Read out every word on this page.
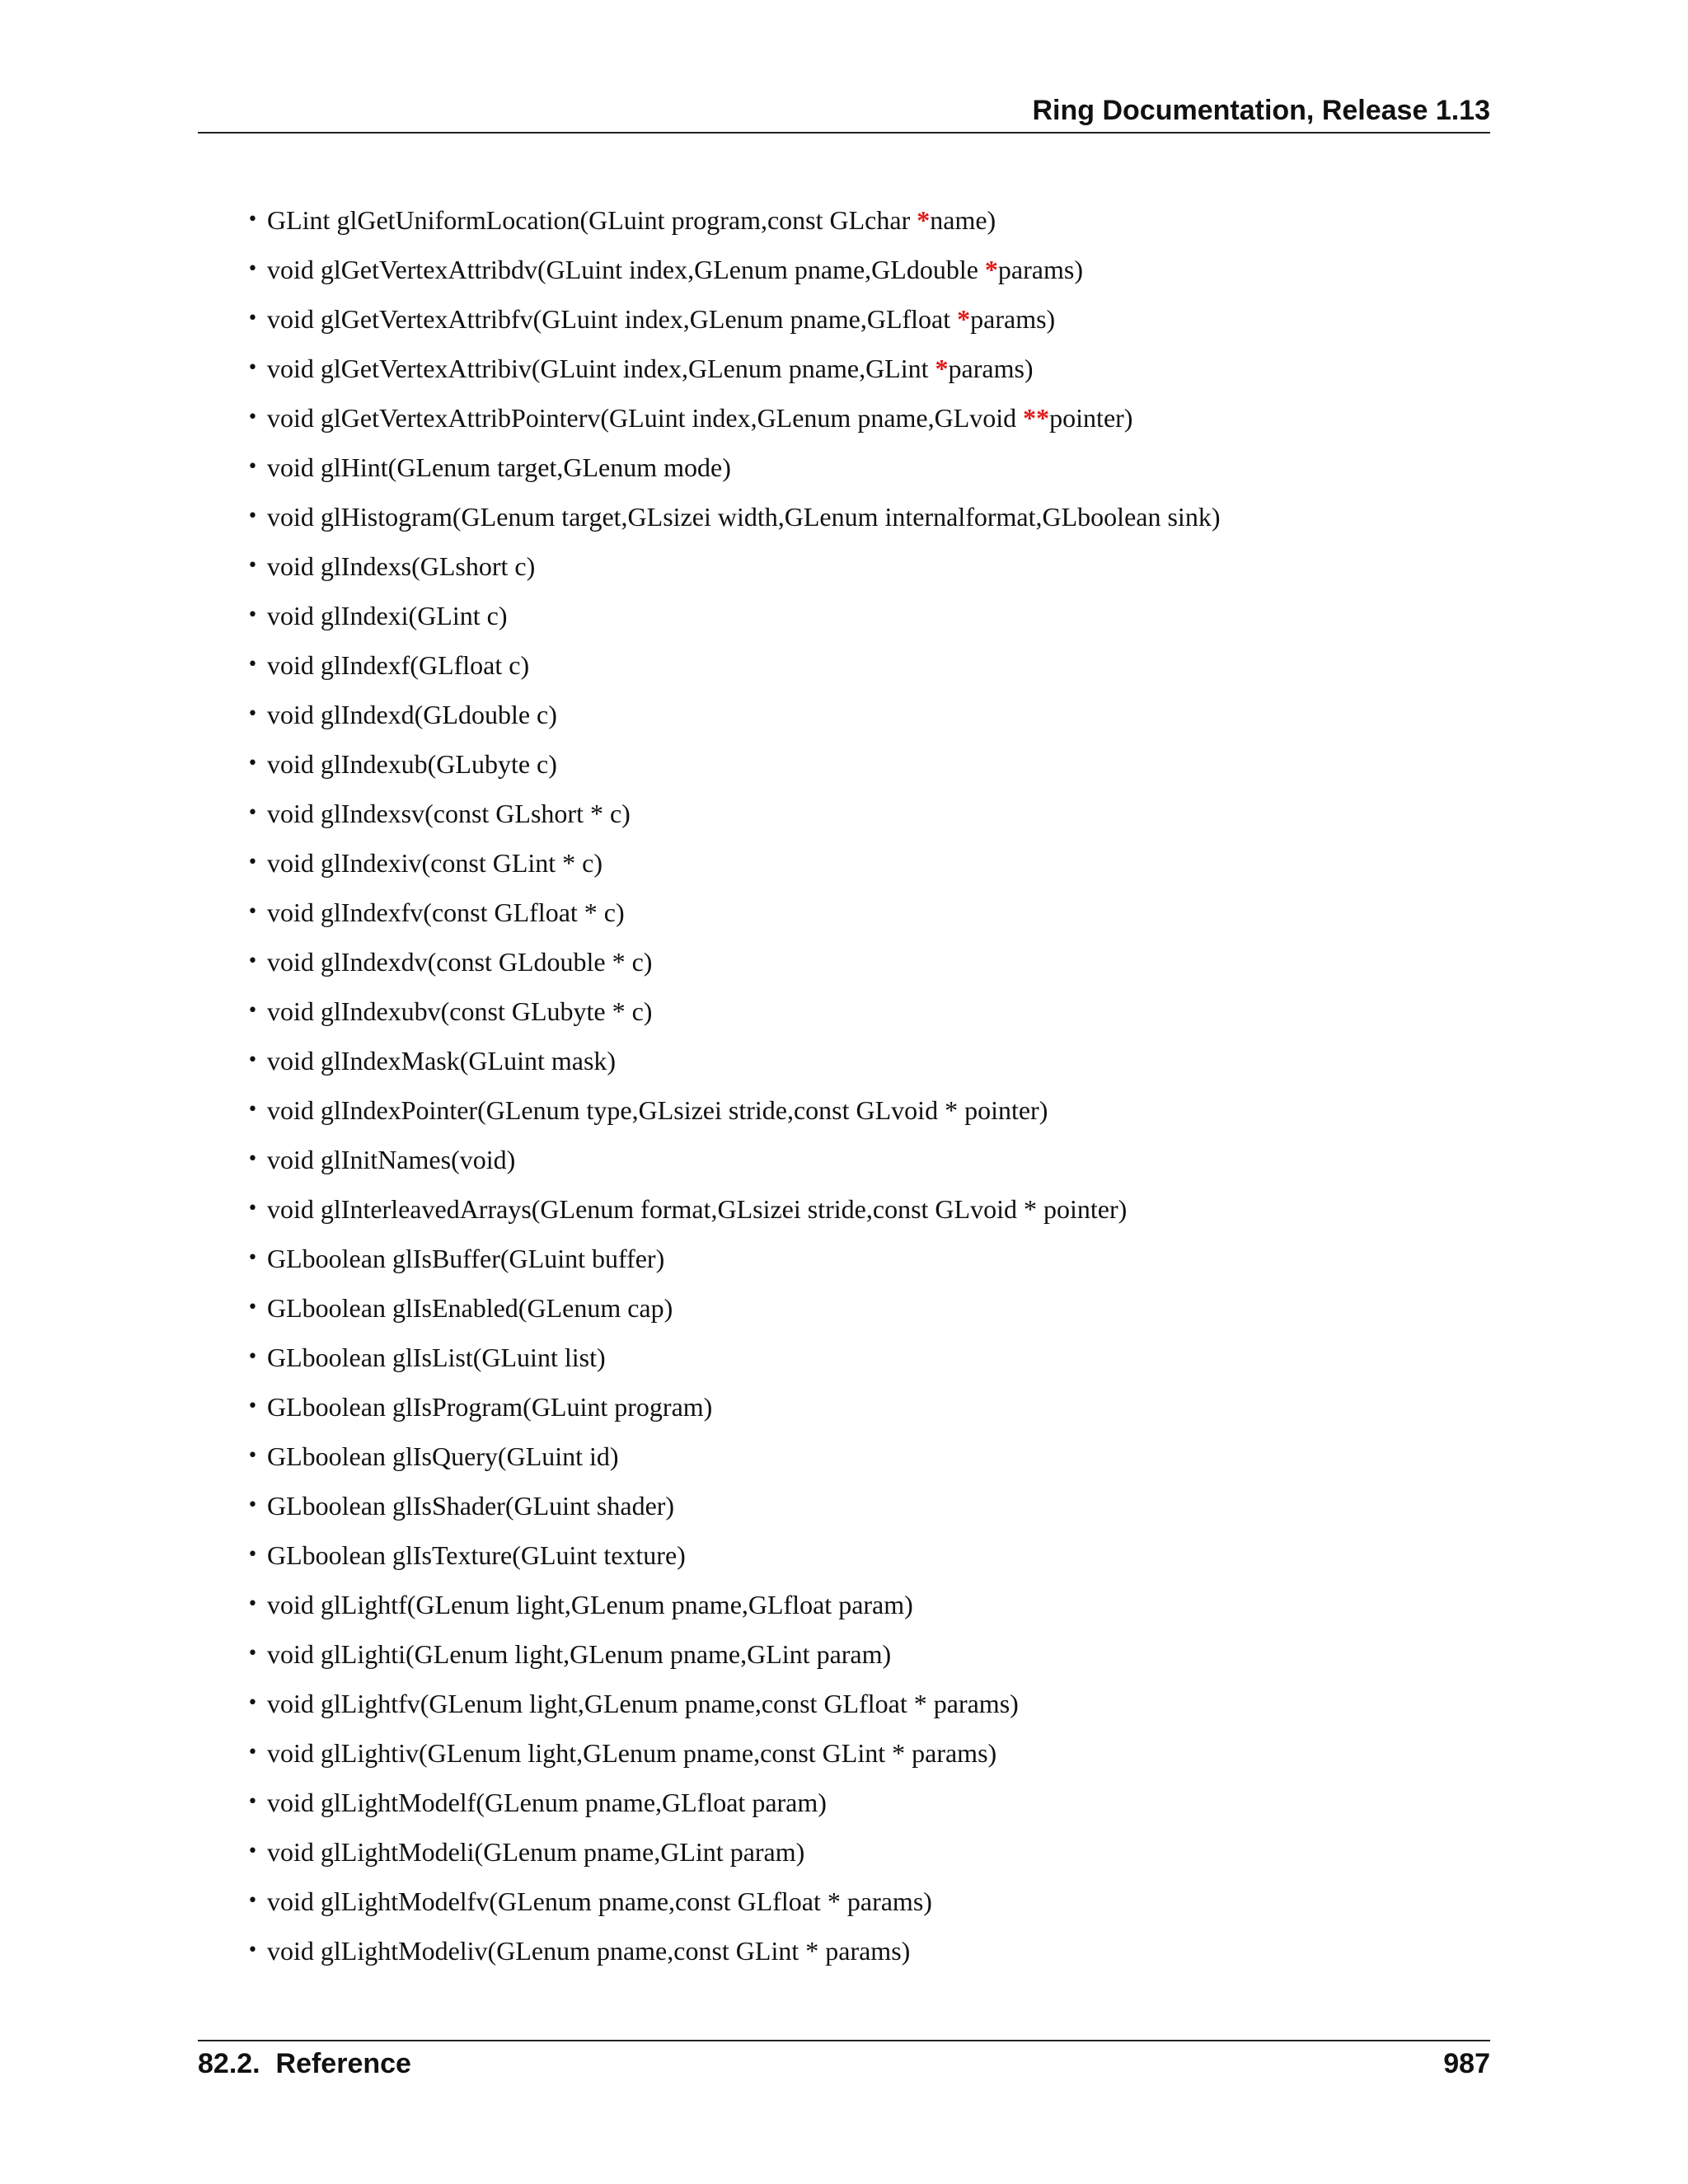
Ring Documentation, Release 1.13
• GLint glGetUniformLocation(GLuint program,const GLchar *name)
• void glGetVertexAttribdv(GLuint index,GLenum pname,GLdouble *params)
• void glGetVertexAttribfv(GLuint index,GLenum pname,GLfloat *params)
• void glGetVertexAttribiv(GLuint index,GLenum pname,GLint *params)
• void glGetVertexAttribPointerv(GLuint index,GLenum pname,GLvoid **pointer)
• void glHint(GLenum target,GLenum mode)
• void glHistogram(GLenum target,GLsizei width,GLenum internalformat,GLboolean sink)
• void glIndexs(GLshort c)
• void glIndexi(GLint c)
• void glIndexf(GLfloat c)
• void glIndexd(GLdouble c)
• void glIndexub(GLubyte c)
• void glIndexsv(const GLshort * c)
• void glIndexiv(const GLint * c)
• void glIndexfv(const GLfloat * c)
• void glIndexdv(const GLdouble * c)
• void glIndexubv(const GLubyte * c)
• void glIndexMask(GLuint mask)
• void glIndexPointer(GLenum type,GLsizei stride,const GLvoid * pointer)
• void glInitNames(void)
• void glInterleavedArrays(GLenum format,GLsizei stride,const GLvoid * pointer)
• GLboolean glIsBuffer(GLuint buffer)
• GLboolean glIsEnabled(GLenum cap)
• GLboolean glIsList(GLuint list)
• GLboolean glIsProgram(GLuint program)
• GLboolean glIsQuery(GLuint id)
• GLboolean glIsShader(GLuint shader)
• GLboolean glIsTexture(GLuint texture)
• void glLightf(GLenum light,GLenum pname,GLfloat param)
• void glLighti(GLenum light,GLenum pname,GLint param)
• void glLightfv(GLenum light,GLenum pname,const GLfloat * params)
• void glLightiv(GLenum light,GLenum pname,const GLint * params)
• void glLightModelf(GLenum pname,GLfloat param)
• void glLightModeli(GLenum pname,GLint param)
• void glLightModelfv(GLenum pname,const GLfloat * params)
• void glLightModeliv(GLenum pname,const GLint * params)
82.2.  Reference	987
